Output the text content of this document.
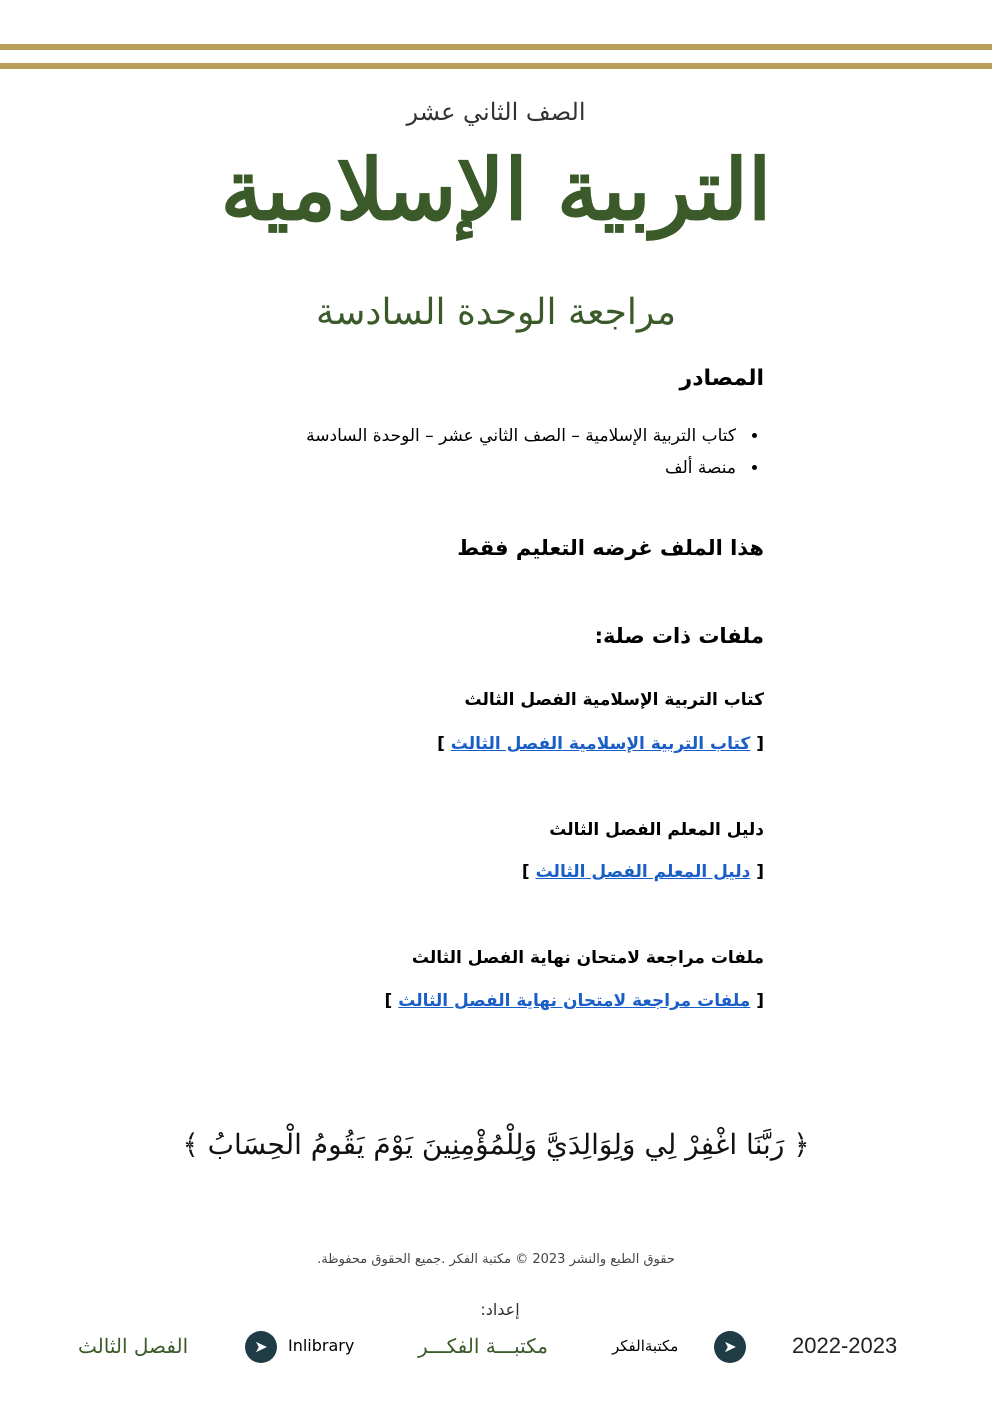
الصف الثاني عشر
التربية الإسلامية
مراجعة الوحدة السادسة
المصادر
• كتاب التربية الإسلامية – الصف الثاني عشر – الوحدة السادسة
• منصة ألف
هذا الملف غرضه التعليم فقط
ملفات ذات صلة:
كتاب التربية الإسلامية الفصل الثالث
[ كتاب التربية الإسلامية الفصل الثالث ]
دليل المعلم الفصل الثالث
[ دليل المعلم الفصل الثالث ]
ملفات مراجعة لامتحان نهاية الفصل الثالث
[ ملفات مراجعة لامتحان نهاية الفصل الثالث ]
﴿ رَبَّنَا اغْفِرْ لِي وَلِوَالِدَيَّ وَلِلْمُؤْمِنِينَ يَوْمَ يَقُومُ الْحِسَابُ ﴾
حقوق الطبع والنشر 2023 © مكتبة الفكر .جميع الحقوق محفوظة.
إعداد:
الفصل الثالث	➤	Inlibrary	مكتبـــة الفكـــر	مكتبةالفكر	➤	2022-2023
